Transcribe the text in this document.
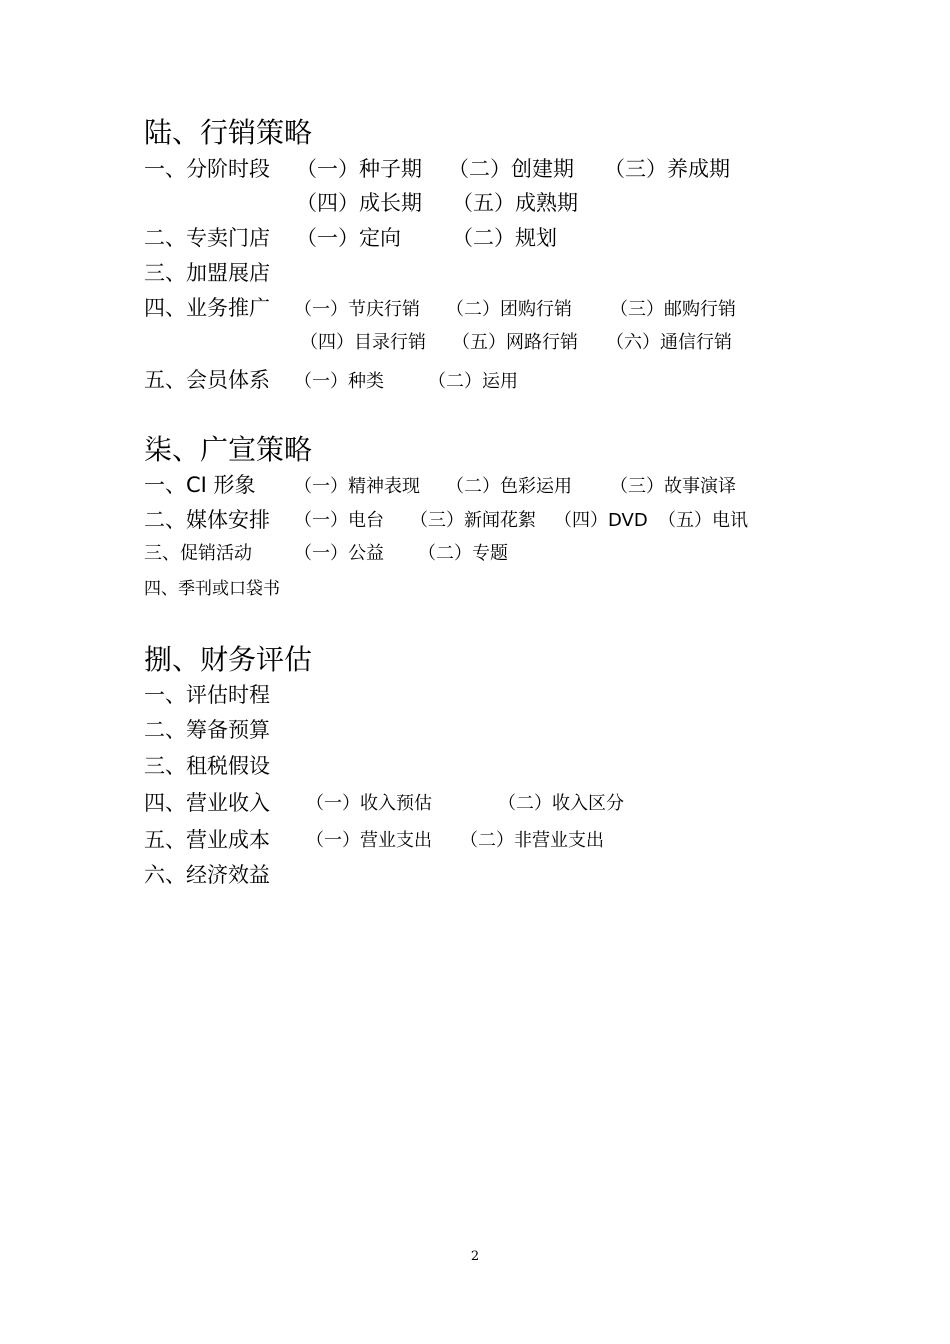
陆、行销策略
一、分阶时段 （一）种子期 （二）创建期 （三）养成期
（四）成长期 （五）成熟期
二、专卖门店 （一）定向 （二）规划
三、加盟展店
四、业务推广 （一）节庆行销 （二）团购行销 （三）邮购行销
（四）目录行销 （五）网路行销 （六）通信行销
五、会员体系 （一）种类 （二）运用
柒、广宣策略
一、CI 形象 （一）精神表现 （二）色彩运用 （三）故事演译
二、媒体安排 （一）电台 （三）新闻花絮 （四）DVD （五）电讯
三、促销活动 （一）公益 （二）专题
四、季刊或口袋书
捌、财务评估
一、评估时程
二、筹备预算
三、租税假设
四、营业收入 （一）收入预估	（二）收入区分
五、营业成本 （一）营业支出 （二）非营业支出
六、经济效益
2
